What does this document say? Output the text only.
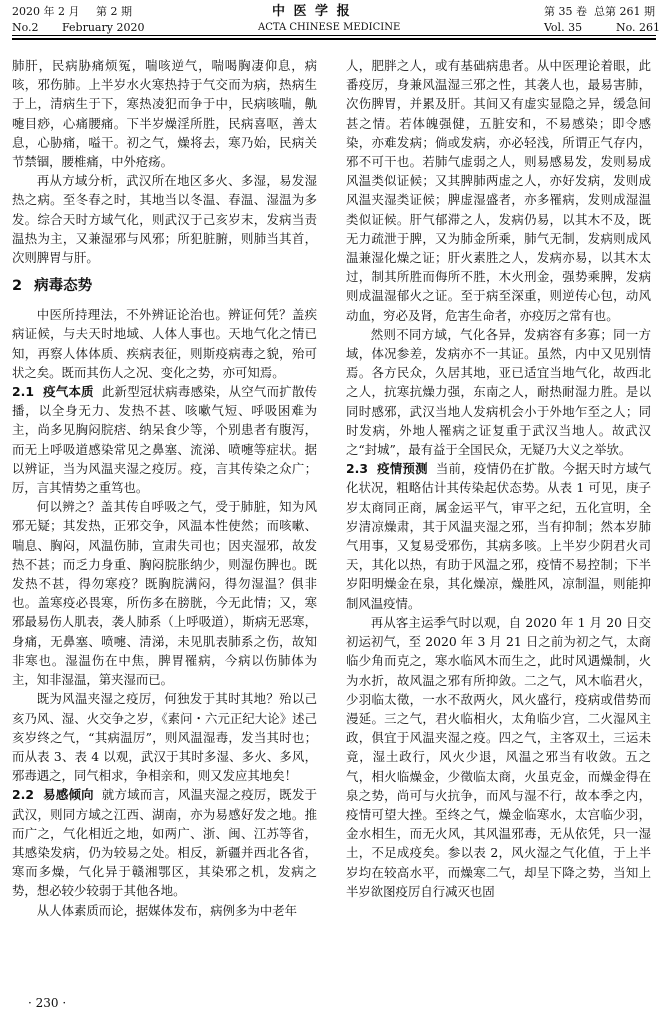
2020 年 2 月 第 2 期	中 医 学 报	第 35 卷 总第 261 期
No.2 February 2020	ACTA CHINESE MEDICINE	Vol. 35	No. 261

肺肝，民病胁痛烦冤，喘咳逆气，喘喝胸凄仰息，病咳，邪伤肺。上半岁水火寒热持于气交而为病，热病生于上，清病生于下，寒热凌犯而争于中，民病咳喘，鼽嚏目痧，心痛腰痛。下半岁燥淫所胜，民病喜呕，善太息，心胁痛，嗌干。初之气，燥将去，寒乃始，民病关节禁锢，腰椎痛，中外疮疡。

再从方域分析，武汉所在地区多火、多湿，易发湿热之病。至冬春之时，其地当以冬温、春温、湿温为多发。综合天时方域气化，则武汉于己亥岁末，发病当责温热为主，又兼湿邪与风邪；所犯脏腑，则肺当其首，次则脾胃与肝。

2 病毒态势

中医所持理法，不外辨证论治也。辨证何凭？盖疾病证候，与夫天时地域、人体人事也。天地气化之情已知，再察人体体质、疾病表征，则斯疫病毒之貌，殆可状之矣。既而其伤人之况、变化之势，亦可知焉。

2.1 疫气本质 此新型冠状病毒感染，从空气而扩散传播，以全身无力、发热不甚、咳嗽气短、呼吸困难为主，尚多见胸闷脘痞、纳呆食少等，个别患者有腹泻，而无上呼吸道感染常见之鼻塞、流涕、喷嚏等症状。据以辨证，当为风温夹湿之疫厉。疫，言其传染之众广；厉，言其情势之重笃也。

何以辨之？盖其传自呼吸之气，受于肺脏，知为风邪无疑；其发热，正邪交争，风温本性使然；而咳嗽、喘息、胸闷，风温伤肺，宣肃失司也；因夹湿邪，故发热不甚；而乏力身重、胸闷脘胀纳少，则湿伤脾也。既发热不甚，得勿寒疫？既胸脘满闷，得勿湿温？俱非也。盖寒疫必畏寒，所伤多在膀胱，今无此情；又，寒邪最易伤人肌表，袭人肺系（上呼吸道），斯病无恶寒，身痛，无鼻塞、喷嚏、清涕，未见肌表肺系之伤，故知非寒也。湿温伤在中焦，脾胃罹病，今病以伤肺体为主，知非湿温，第夹湿而已。

既为风温夹湿之疫厉，何独发于其时其地？殆以己亥乃风、湿、火交争之岁，《素问・六元正纪大论》述己亥岁终之气，“其病温厉”，则风温湿毒，发当其时也；而从表 3、表 4 以观，武汉于其时多湿、多火、多风，邪毒遇之，同气相求，争相亲和，则又发应其地矣！

2.2 易感倾向 就方域而言，风温夹湿之疫厉，既发于武汉，则同方域之江西、湖南，亦为易感好发之地。推而广之，气化相近之地，如两广、浙、闽、江苏等省，其感染发病，仍为较易之处。相反，新疆并西北各省，寒而多燥，气化异于赣湘鄂区，其染邪之机，发病之势，想必较少较弱于其他各地。

从人体素质而论，据媒体发布，病例多为中老年

人，肥胖之人，或有基础病患者。从中医理论着眼，此番疫厉，身兼风温湿三邪之性，其袭人也，最易害肺，次伤脾胃，并累及肝。其间又有虚实显隐之异，缓急间甚之情。若体魄强健，五脏安和，不易感染；即令感染，亦难发病；倘或发病，亦必轻浅，所谓正气存内，邪不可干也。若肺气虚弱之人，则易感易发，发则易成风温类似证候；又其脾肺两虚之人，亦好发病，发则成风温夹湿类证候；脾虚湿盛者，亦多罹病，发则成湿温类似证候。肝气郁滞之人，发病仍易，以其木不及，既无力疏泄于脾，又为肺金所乘，肺气无制，发病则成风温兼湿化燥之证；肝火素胜之人，发病亦易，以其木太过，制其所胜而侮所不胜，木火刑金，强势乘脾，发病则成温湿郁火之证。至于病至深重，则逆传心包，动风动血，穷必及肾，危害生命者，亦疫厉之常有也。

然则不同方域，气化各异，发病容有多寡；同一方域，体况参差，发病亦不一其证。虽然，内中又见别情焉。各方民众，久居其地，亚已适宜当地气化，故西北之人，抗寒抗燥力强，东南之人，耐热耐湿力胜。是以同时感邪，武汉当地人发病机会小于外地乍至之人；同时发病，外地人罹病之证复重于武汉当地人。故武汉之“封城”，最有益于全国民众，无疑乃大义之举欤。

2.3 疫情预测 当前，疫情仍在扩散。今据天时方域气化状况，粗略估计其传染起伏态势。从表 1 可见，庚子岁太商同正商，属金运平气，审平之纪，五化宣明，全岁清凉燥肃，其于风温夹湿之邪，当有抑制；然本岁肺气用事，又复易受邪伤，其病多咳。上半岁少阴君火司天，其化以热，有助于风温之邪，疫情不易控制；下半岁阳明燥金在泉，其化燥凉，燥胜风，凉制温，则能抑制风温疫情。

再从客主运季气时以观，自 2020 年 1 月 20 日交初运初气，至 2020 年 3 月 21 日之前为初之气，太商临少角而克之，寒水临风木而生之，此时风遇燥制，火为水折，故风温之邪有所抑敛。二之气，风木临君火，少羽临太徵，一水不敌两火，风火盛行，疫病或借势而漫延。三之气，君火临相火，太角临少宫，二火湿风主政，俱宜于风温夹湿之疫。四之气，主客双土，三运未竟，湿土政行，风火少退，风温之邪当有收敛。五之气，相火临燥金，少徵临太商，火虽克金，而燥金得在泉之势，尚可与火抗争，而风与湿不行，故本季之内，疫情可望大挫。至终之气，燥金临寒水，太宫临少羽，金水相生，而无火风，其风温邪毒，无从依凭，只一湿土，不足成疫矣。参以表 2，风火湿之气化值，于上半岁均在较高水平，而燥寒二气，却呈下降之势，当知上半岁欲图疫厉自行减灭也固

· 230 ·
